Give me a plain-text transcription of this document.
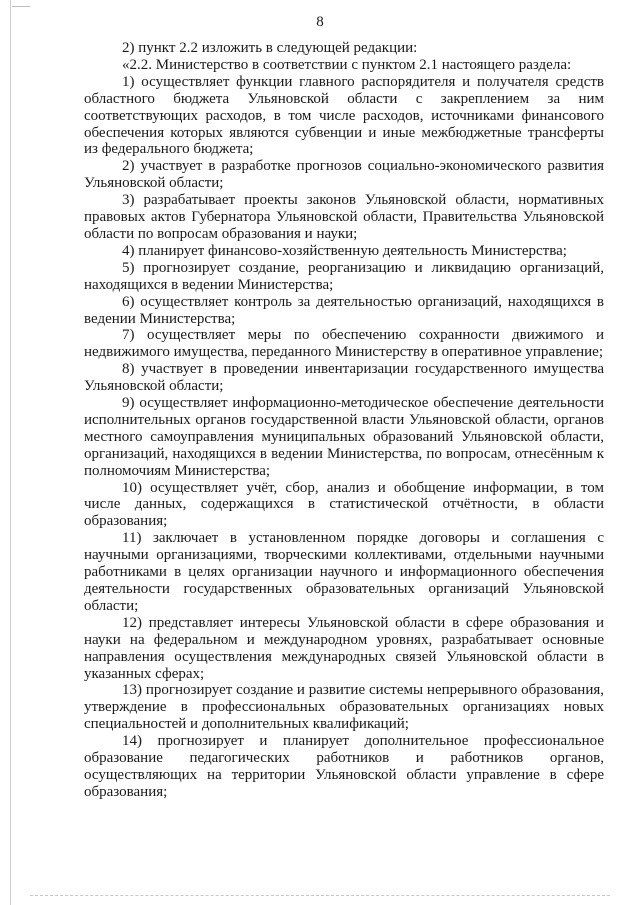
8

2) пункт 2.2 изложить в следующей редакции:

«2.2. Министерство в соответствии с пунктом 2.1 настоящего раздела:

1) осуществляет функции главного распорядителя и получателя средств областного бюджета Ульяновской области с закреплением за ним соответствующих расходов, в том числе расходов, источниками финансового обеспечения которых являются субвенции и иные межбюджетные трансферты из федерального бюджета;

2) участвует в разработке прогнозов социально-экономического развития Ульяновской области;

3) разрабатывает проекты законов Ульяновской области, нормативных правовых актов Губернатора Ульяновской области, Правительства Ульяновской области по вопросам образования и науки;

4) планирует финансово-хозяйственную деятельность Министерства;

5) прогнозирует создание, реорганизацию и ликвидацию организаций, находящихся в ведении Министерства;

6) осуществляет контроль за деятельностью организаций, находящихся в ведении Министерства;

7) осуществляет меры по обеспечению сохранности движимого и недвижимого имущества, переданного Министерству в оперативное управление;

8) участвует в проведении инвентаризации государственного имущества Ульяновской области;

9) осуществляет информационно-методическое обеспечение деятельности исполнительных органов государственной власти Ульяновской области, органов местного самоуправления муниципальных образований Ульяновской области, организаций, находящихся в ведении Министерства, по вопросам, отнесённым к полномочиям Министерства;

10) осуществляет учёт, сбор, анализ и обобщение информации, в том числе данных, содержащихся в статистической отчётности, в области образования;

11) заключает в установленном порядке договоры и соглашения с научными организациями, творческими коллективами, отдельными научными работниками в целях организации научного и информационного обеспечения деятельности государственных образовательных организаций Ульяновской области;

12) представляет интересы Ульяновской области в сфере образования и науки на федеральном и международном уровнях, разрабатывает основные направления осуществления международных связей Ульяновской области в указанных сферах;

13) прогнозирует создание и развитие системы непрерывного образования, утверждение в профессиональных образовательных организациях новых специальностей и дополнительных квалификаций;

14) прогнозирует и планирует дополнительное профессиональное образование педагогических работников и работников органов, осуществляющих на территории Ульяновской области управление в сфере образования;
